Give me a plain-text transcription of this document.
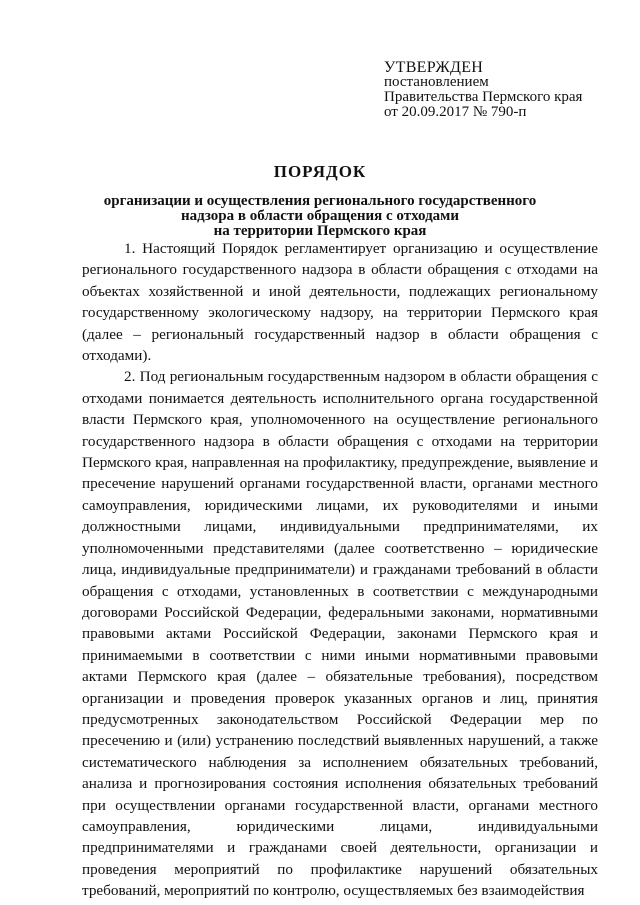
УТВЕРЖДЕН
постановлением
Правительства Пермского края
от 20.09.2017 № 790-п
ПОРЯДОК
организации и осуществления регионального государственного
надзора в области обращения с отходами
на территории Пермского края

1. Настоящий Порядок регламентирует организацию и осуществление регионального государственного надзора в области обращения с отходами на объектах хозяйственной и иной деятельности, подлежащих региональному государственному экологическому надзору, на территории Пермского края (далее – региональный государственный надзор в области обращения с отходами).

2. Под региональным государственным надзором в области обращения с отходами понимается деятельность исполнительного органа государственной власти Пермского края, уполномоченного на осуществление регионального государственного надзора в области обращения с отходами на территории Пермского края, направленная на профилактику, предупреждение, выявление и пресечение нарушений органами государственной власти, органами местного самоуправления, юридическими лицами, их руководителями и иными должностными лицами, индивидуальными предпринимателями, их уполномоченными представителями (далее соответственно – юридические лица, индивидуальные предприниматели) и гражданами требований в области обращения с отходами, установленных в соответствии с международными договорами Российской Федерации, федеральными законами, нормативными правовыми актами Российской Федерации, законами Пермского края и принимаемыми в соответствии с ними иными нормативными правовыми актами Пермского края (далее – обязательные требования), посредством организации и проведения проверок указанных органов и лиц, принятия предусмотренных законодательством Российской Федерации мер по пресечению и (или) устранению последствий выявленных нарушений, а также систематического наблюдения за исполнением обязательных требований, анализа и прогнозирования состояния исполнения обязательных требований при осуществлении органами государственной власти, органами местного самоуправления, юридическими лицами, индивидуальными предпринимателями и гражданами своей деятельности, организации и проведения мероприятий по профилактике нарушений обязательных требований, мероприятий по контролю, осуществляемых без взаимодействия
